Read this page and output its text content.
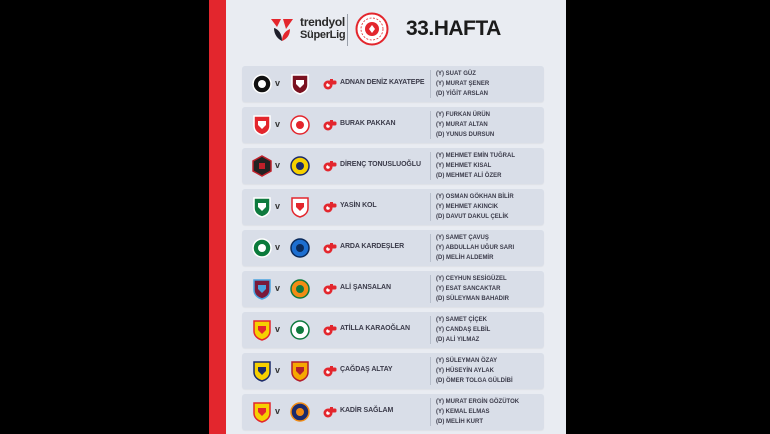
trendyol
SüperLig	33.HAFTA
v	ADNAN DENİZ KAYATEPE
(Y) SUAT GÜZ
(Y) MURAT ŞENER
(D) YİĞİT ARSLAN
v	BURAK PAKKAN
(Y) FURKAN ÜRÜN
(Y) MURAT ALTAN
(D) YUNUS DURSUN
v	DİRENÇ TONUSLUOĞLU
(Y) MEHMET EMİN TUĞRAL
(Y) MEHMET KISAL
(D) MEHMET ALİ ÖZER
v	YASİN KOL
(Y) OSMAN GÖKHAN BİLİR
(Y) MEHMET AKINCIK
(D) DAVUT DAKUL ÇELİK
v	ARDA KARDEŞLER
(Y) SAMET ÇAVUŞ
(Y) ABDULLAH UĞUR SARI
(D) MELİH ALDEMİR
v	ALİ ŞANSALAN
(Y) CEYHUN SESİGÜZEL
(Y) ESAT SANCAKTAR
(D) SÜLEYMAN BAHADIR
v	ATİLLA KARAOĞLAN
(Y) SAMET ÇİÇEK
(Y) CANDAŞ ELBİL
(D) ALİ YILMAZ
v	ÇAĞDAŞ ALTAY
(Y) SÜLEYMAN ÖZAY
(Y) HÜSEYİN AYLAK
(D) ÖMER TOLGA GÜLDİBİ
v	KADİR SAĞLAM
(Y) MURAT ERGİN GÖZÜTOK
(Y) KEMAL ELMAS
(D) MELİH KURT
